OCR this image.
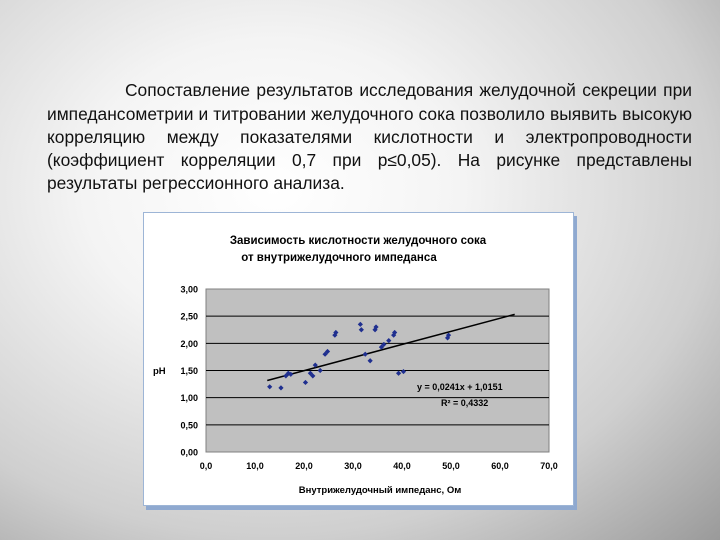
Сопоставление результатов исследования желудочной секреции при импедансометрии и титровании желудочного сока позволило выявить высокую корреляцию между показателями кислотности и электропроводности (коэффициент корреляции 0,7 при p≤0,05). На рисунке представлены результаты регрессионного анализа.

Зависимость кислотности желудочного сока
от внутрижелудочного импеданса
0,00
0,50
1,00
1,50
2,00
2,50
3,00
0,0	10,0	20,0	30,0	40,0	50,0	60,0	70,0
pH
Внутрижелудочный импеданс, Ом
y = 0,0241x + 1,0151
R² = 0,4332
